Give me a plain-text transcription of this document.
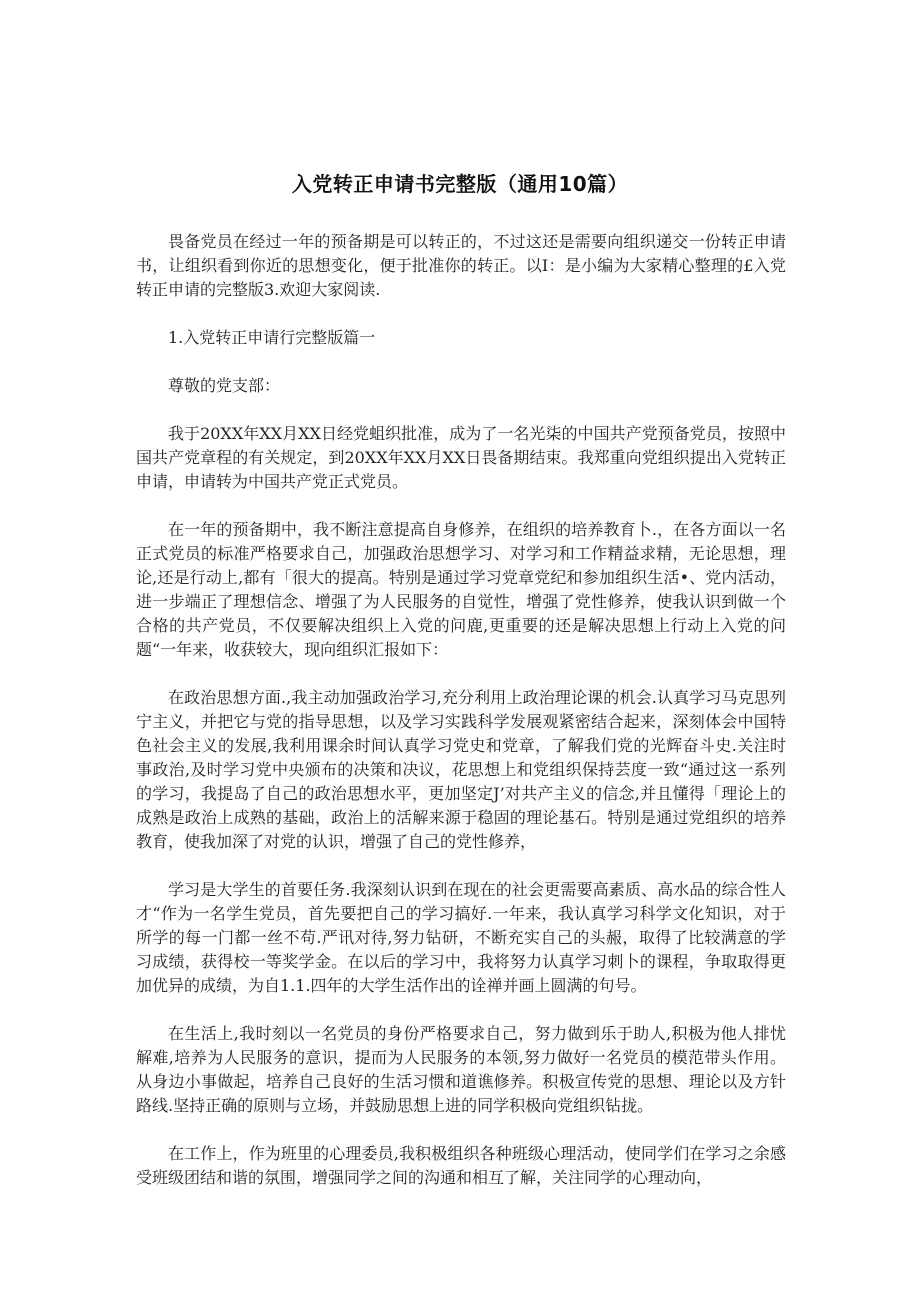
入党转正申请书完整版（通用10篇）

畏备党员在经过一年的预备期是可以转正的，不过这还是需要向组织递交一份转正申请书，让组织看到你近的思想变化，便于批准你的转正。以I：是小编为大家精心整理的£入党转正申请的完整版3.欢迎大家阅读.

1.入党转正申请行完整版篇一

尊敬的党支部：

我于20XX年XX月XX日经党蛆织批准，成为了一名光柒的中国共产党预备党员，按照中国共产党章程的有关规定，到20XX年XX月XX日畏备期结束。我郑重向党组织提出入党转正申请，申请转为中国共产党正式党员。

在一年的预备期中，我不断注意提高自身修养，在组织的培养教育卜.，在各方面以一名正式党员的标准严格要求自己，加强政治思想学习、对学习和工作精益求精，无论思想，理论,还是行动上,都有「很大的提高。特别是通过学习党章党纪和参加组织生活•、党内活动，进一步端正了理想信念、增强了为人民服务的自觉性，增强了党性修养，使我认识到做一个合格的共产党员，不仅要解决组织上入党的问鹿,更重要的还是解决思想上行动上入党的问题“一年来，收获较大，现向组织汇报如下：

在政治思想方面.,我主动加强政治学习,充分利用上政治理论课的机会.认真学习马克思列宁主义，并把它与党的指导思想，以及学习实践科学发展观紧密结合起来，深刻体会中国特色社会主义的发展,我利用课余时间认真学习党史和党章，了解我们党的光辉奋斗史.关注时事政治,及时学习党中央颁布的决策和决议，花思想上和党组织保持芸度一致“通过这一系列的学习，我提岛了自己的政治思想水平，更加坚定J’对共产主义的信念,并且懂得「理论上的成熟是政治上成熟的基础，政治上的活解来源于稳固的理论基石。特别是通过党组织的培养教育，使我加深了对党的认识，增强了自己的党性修养，

学习是大学生的首要任务.我深刻认识到在现在的社会更需要高素质、高水品的综合性人才“作为一名学生党员，首先要把自己的学习搞好.一年来，我认真学习科学文化知识，对于所学的每一门都一丝不苟.严讯对待,努力钻研，不断充实自己的头赧，取得了比较满意的学习成绩，获得校一等奖学金。在以后的学习中，我将努力认真学习刺卜的课程，争取取得更加优异的成绩，为自1.1.四年的大学生活作出的诠禅并画上圆满的句号。

在生活上,我时刻以一名党员的身份严格要求自己，努力做到乐于助人,积极为他人排忧解难,培养为人民服务的意识，提而为人民服务的本领,努力做好一名党员的模范带头作用。从身边小事做起，培养自己良好的生活习惯和道谯修养。积极宣传党的思想、理论以及方针路线.坚持正确的原则与立场，并鼓励思想上进的同学积极向党组织钻拢。

在工作上，作为班里的心理委员,我积极组织各种班级心理活动，使同学们在学习之余感受班级团结和谐的氛围，增强同学之间的沟通和相互了解，关注同学的心理动向，
